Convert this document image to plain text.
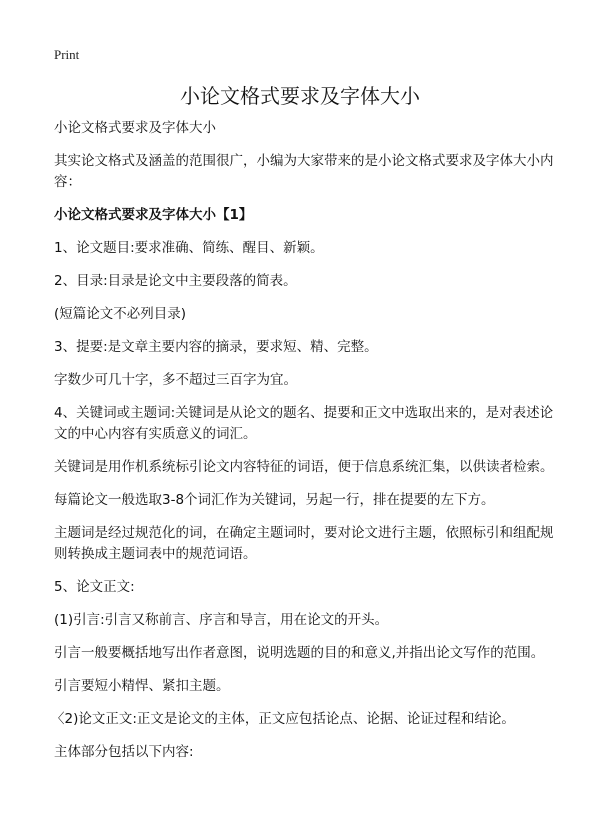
Print
小论文格式要求及字体大小

小论文格式要求及字体大小

其实论文格式及涵盖的范围很广，小编为大家带来的是小论文格式要求及字体大小内容：

小论文格式要求及字体大小【1】

1、论文题目:要求准确、简练、醒目、新颖。

2、目录:目录是论文中主要段落的简表。

(短篇论文不必列目录)

3、提要:是文章主要内容的摘录，要求短、精、完整。

字数少可几十字，多不超过三百字为宜。

4、关键词或主题词:关键词是从论文的题名、提要和正文中选取出来的，是对表述论文的中心内容有实质意义的词汇。

关键词是用作机系统标引论文内容特征的词语，便于信息系统汇集，以供读者检索。

每篇论文一般选取3-8个词汇作为关键词，另起一行，排在提要的左下方。

主题词是经过规范化的词，在确定主题词时，要对论文进行主题，依照标引和组配规则转换成主题词表中的规范词语。

5、论文正文:

(1)引言:引言又称前言、序言和导言，用在论文的开头。

引言一般要概括地写出作者意图，说明选题的目的和意义,并指出论文写作的范围。

引言要短小精悍、紧扣主题。

〈2)论文正文:正文是论文的主体，正文应包括论点、论据、论证过程和结论。

主体部分包括以下内容:
